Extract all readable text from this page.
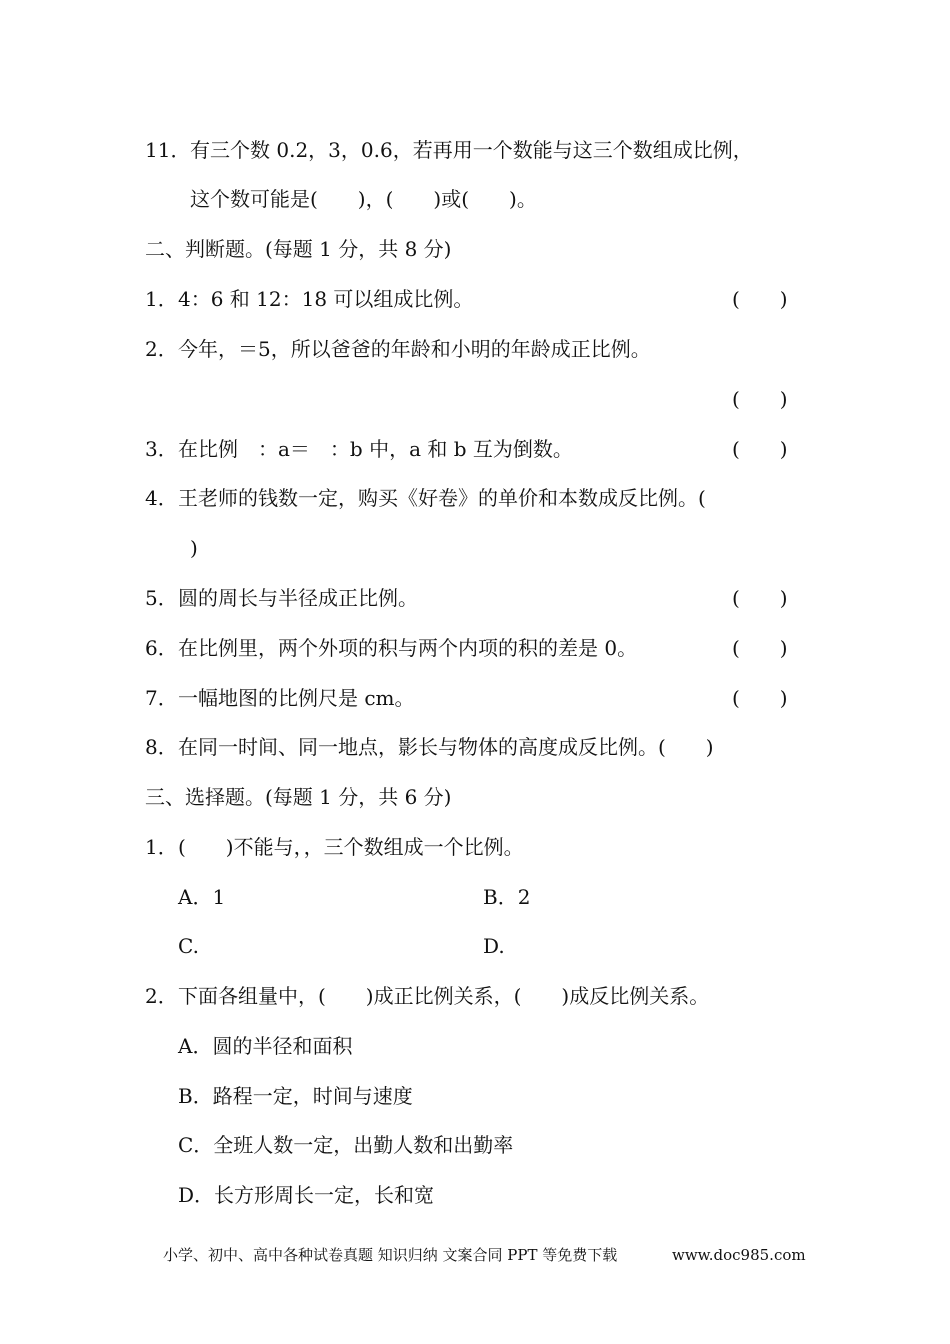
11． 有三个数 0.2，3，0.6，若再用一个数能与这三个数组成比例，
这个数可能是(　　)，(　　)或(　　)。
二、判断题。(每题 1 分，共 8 分)
1． 4：6 和 12：18 可以组成比例。	(　　)
2． 今年，＝5，所以爸爸的年龄和小明的年龄成正比例。
(　　)
3． 在比例　：a＝　：b 中，a 和 b 互为倒数。	(　　)
4． 王老师的钱数一定，购买《好卷》的单价和本数成反比例。(
)
5． 圆的周长与半径成正比例。	(　　)
6． 在比例里，两个外项的积与两个内项的积的差是 0。	(　　)
7． 一幅地图的比例尺是 cm。	(　　)
8． 在同一时间、同一地点，影长与物体的高度成反比例。(　　)
三、选择题。(每题 1 分，共 6 分)
1． (　　)不能与，，三个数组成一个比例。
A．1	B．2
C.	D.
2． 下面各组量中，(　　)成正比例关系，(　　)成反比例关系。
A．圆的半径和面积
B．路程一定，时间与速度
C．全班人数一定，出勤人数和出勤率
D．长方形周长一定，长和宽
小学、初中、高中各种试卷真题 知识归纳 文案合同 PPT 等免费下载	www.doc985.com
